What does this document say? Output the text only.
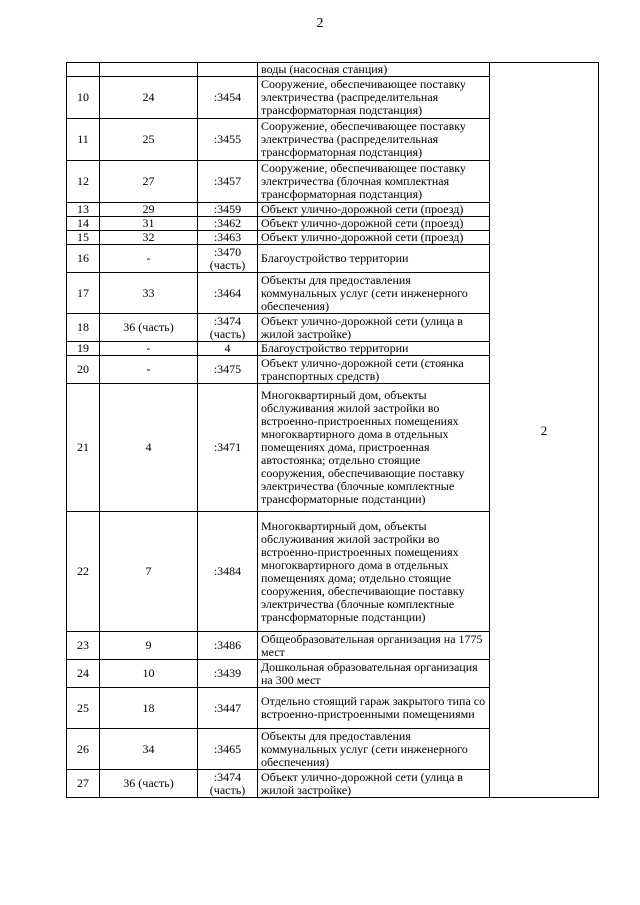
2
			воды (насосная станция)	2
10	24	:3454	Сооружение, обеспечивающее поставку электричества (распределительная трансформаторная подстанция)	
11	25	:3455	Сооружение, обеспечивающее поставку электричества (распределительная трансформаторная подстанция)	
12	27	:3457	Сооружение, обеспечивающее поставку электричества (блочная комплектная трансформаторная подстанция)	
13	29	:3459	Объект улично-дорожной сети (проезд)	
14	31	:3462	Объект улично-дорожной сети (проезд)	
15	32	:3463	Объект улично-дорожной сети (проезд)	
16	-	:3470 (часть)	Благоустройство территории	
17	33	:3464	Объекты для предоставления коммунальных услуг (сети инженерного обеспечения)	
18	36 (часть)	:3474 (часть)	Объект улично-дорожной сети (улица в жилой застройке)	
19	-	4	Благоустройство территории	
20	-	:3475	Объект улично-дорожной сети (стоянка транспортных средств)	
21	4	:3471	Многоквартирный дом, объекты обслуживания жилой застройки во встроенно-пристроенных помещениях многоквартирного дома в отдельных помещениях дома, пристроенная автостоянка; отдельно стоящие сооружения, обеспечивающие поставку электричества (блочные комплектные трансформаторные подстанции)	
22	7	:3484	Многоквартирный дом, объекты обслуживания жилой застройки во встроенно-пристроенных помещениях многоквартирного дома в отдельных помещениях дома; отдельно стоящие сооружения, обеспечивающие поставку электричества (блочные комплектные трансформаторные подстанции)	
23	9	:3486	Общеобразовательная организация на 1775 мест	
24	10	:3439	Дошкольная образовательная организация на 300 мест	
25	18	:3447	Отдельно стоящий гараж закрытого типа со встроенно-пристроенными помещениями	
26	34	:3465	Объекты для предоставления коммунальных услуг (сети инженерного обеспечения)	
27	36 (часть)	:3474 (часть)	Объект улично-дорожной сети (улица в жилой застройке)	
